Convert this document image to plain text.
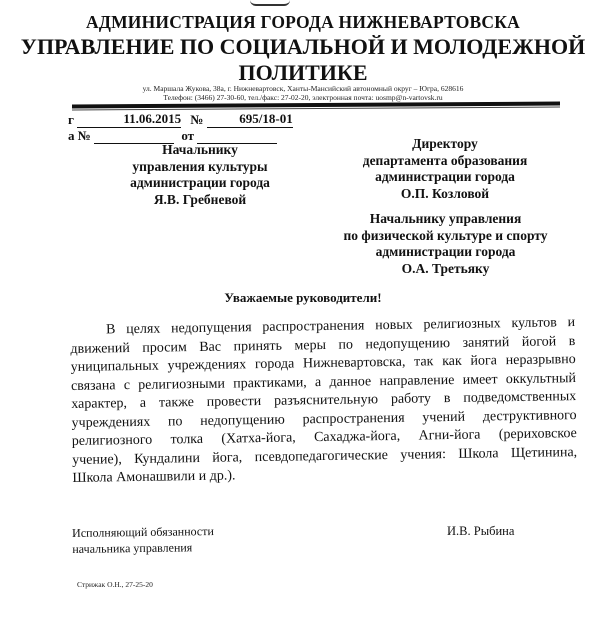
АДМИНИСТРАЦИЯ ГОРОДА НИЖНЕВАРТОВСКА
УПРАВЛЕНИЕ ПО СОЦИАЛЬНОЙ И МОЛОДЕЖНОЙ
ПОЛИТИКЕ
ул. Маршала Жукова, 38а, г. Нижневартовск, Ханты-Мансийский автономный округ – Югра, 628616
Телефон: (3466) 27-30-60, тел./факс: 27-02-20, электронная почта: uosmp@n-vartovsk.ru
г	11.06.2015 №	695/18-01
а №	от
Начальнику
управления культуры
администрации города
Я.В. Гребневой
Директору
департамента образования
администрации города
О.П. Козловой
Начальнику управления
по физической культуре и спорту
администрации города
О.А. Третьяку
Уважаемые руководители!
В целях недопущения распространения новых религиозных культов и
движений просим Вас принять меры по недопущению занятий йогой в
униципальных учреждениях города Нижневартовска, так как йога неразрывно
связана с религиозными практиками, а данное направление имеет оккультный
характер, а также провести разъяснительную работу в подведомственных
учреждениях по недопущению распространения учений деструктивного
религиозного толка (Хатха-йога, Сахаджа-йога, Агни-йога (рериховское
учение), Кундалини йога, псевдопедагогические учения: Школа Щетинина,
Школа Амонашвили и др.).
Исполняющий обязанности
начальника управления
И.В. Рыбина
Стрижак О.Н., 27-25-20
